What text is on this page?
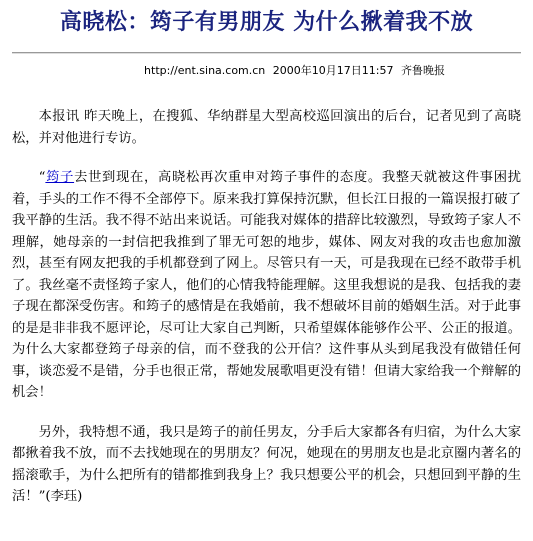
高晓松：筠子有男朋友 为什么揪着我不放
http://ent.sina.com.cn 2000年10月17日11:57 齐鲁晚报

本报讯 昨天晚上，在搜狐、华纳群星大型高校巡回演出的后台，记者见到了高晓松，并对他进行专访。

“筠子去世到现在，高晓松再次重申对筠子事件的态度。我整天就被这件事困扰着，手头的工作不得不全部停下。原来我打算保持沉默，但长江日报的一篇误报打破了我平静的生活。我不得不站出来说话。可能我对媒体的措辞比较激烈，导致筠子家人不理解，她母亲的一封信把我推到了罪无可恕的地步，媒体、网友对我的攻击也愈加激烈，甚至有网友把我的手机都登到了网上。尽管只有一天，可是我现在已经不敢带手机了。我丝毫不责怪筠子家人，他们的心情我特能理解。这里我想说的是我、包括我的妻子现在都深受伤害。和筠子的感情是在我婚前，我不想破坏目前的婚姻生活。对于此事的是是非非我不愿评论，尽可让大家自己判断，只希望媒体能够作公平、公正的报道。为什么大家都登筠子母亲的信，而不登我的公开信？这件事从头到尾我没有做错任何事，谈恋爱不是错，分手也很正常，帮她发展歌唱更没有错！但请大家给我一个辩解的机会！

另外，我特想不通，我只是筠子的前任男友，分手后大家都各有归宿，为什么大家都揪着我不放，而不去找她现在的男朋友？何况，她现在的男朋友也是北京圈内著名的摇滚歌手，为什么把所有的错都推到我身上？我只想要公平的机会，只想回到平静的生活！”(李珏)
